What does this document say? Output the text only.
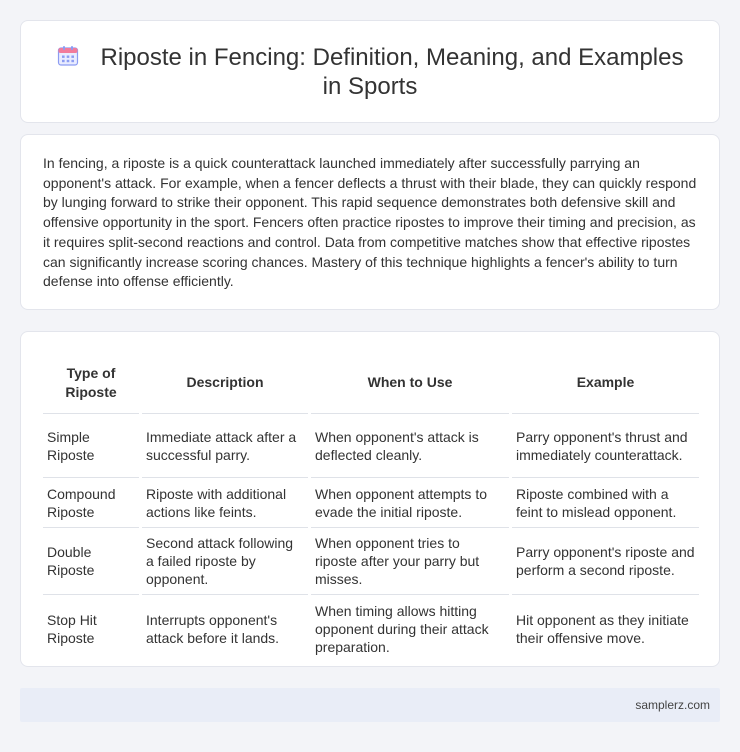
Riposte in Fencing: Definition, Meaning, and Examples in Sports

In fencing, a riposte is a quick counterattack launched immediately after successfully parrying an opponent's attack. For example, when a fencer deflects a thrust with their blade, they can quickly respond by lunging forward to strike their opponent. This rapid sequence demonstrates both defensive skill and offensive opportunity in the sport. Fencers often practice ripostes to improve their timing and precision, as it requires split-second reactions and control. Data from competitive matches show that effective ripostes can significantly increase scoring chances. Mastery of this technique highlights a fencer's ability to turn defense into offense efficiently.

Type of Riposte	Description	When to Use	Example
Simple Riposte	Immediate attack after a successful parry.	When opponent's attack is deflected cleanly.	Parry opponent's thrust and immediately counterattack.
Compound Riposte	Riposte with additional actions like feints.	When opponent attempts to evade the initial riposte.	Riposte combined with a feint to mislead opponent.
Double Riposte	Second attack following a failed riposte by opponent.	When opponent tries to riposte after your parry but misses.	Parry opponent's riposte and perform a second riposte.
Stop Hit Riposte	Interrupts opponent's attack before it lands.	When timing allows hitting opponent during their attack preparation.	Hit opponent as they initiate their offensive move.
samplerz.com
